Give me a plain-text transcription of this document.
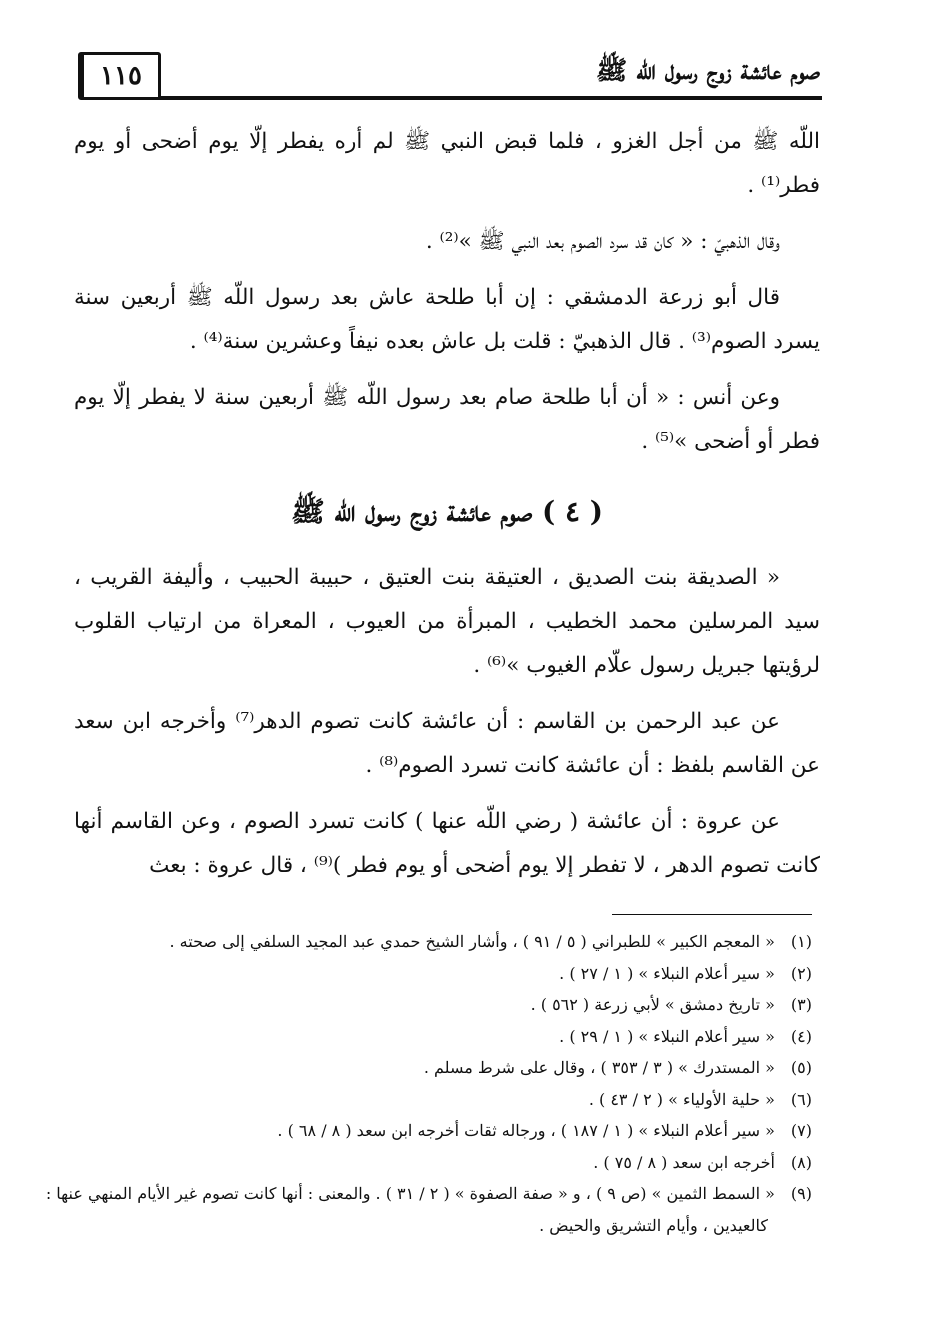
١١٥	صوم عائشة زوج رسول اللّه ﷺ

اللّه ﷺ من أجل الغزو ، فلما قبض النبي ﷺ لم أره يفطر إلّا يوم أضحى أو يوم فطر⁽¹⁾ .

وقال الذهبيّ : « كان قد سرد الصوم بعد النبي ﷺ »⁽²⁾ .

قال أبو زرعة الدمشقي : إن أبا طلحة عاش بعد رسول اللّه ﷺ أربعين سنة يسرد الصوم⁽³⁾ . قال الذهبيّ : قلت بل عاش بعده نيفاً وعشرين سنة⁽⁴⁾ .

وعن أنس : « أن أبا طلحة صام بعد رسول اللّه ﷺ أربعين سنة لا يفطر إلّا يوم فطر أو أضحى »⁽⁵⁾ .

( ٤ ) صوم عائشة زوج رسول اللّه ﷺ

« الصديقة بنت الصديق ، العتيقة بنت العتيق ، حبيبة الحبيب ، وأليفة القريب ، سيد المرسلين محمد الخطيب ، المبرأة من العيوب ، المعراة من ارتياب القلوب لرؤيتها جبريل رسول علّام الغيوب »⁽⁶⁾ .

عن عبد الرحمن بن القاسم : أن عائشة كانت تصوم الدهر⁽⁷⁾ وأخرجه ابن سعد عن القاسم بلفظ : أن عائشة كانت تسرد الصوم⁽⁸⁾ .

عن عروة : أن عائشة ( رضي اللّه عنها ) كانت تسرد الصوم ، وعن القاسم أنها كانت تصوم الدهر ، لا تفطر إلا يوم أضحى أو يوم فطر )⁽⁹⁾ ، قال عروة : بعث

(١) « المعجم الكبير » للطبراني ( ٥ / ٩١ ) ، وأشار الشيخ حمدي عبد المجيد السلفي إلى صحته .

(٢) « سير أعلام النبلاء » ( ١ / ٢٧ ) .

(٣) « تاريخ دمشق » لأبي زرعة ( ٥٦٢ ) .

(٤) « سير أعلام النبلاء » ( ١ / ٢٩ ) .

(٥) « المستدرك » ( ٣ / ٣٥٣ ) ، وقال على شرط مسلم .

(٦) « حلية الأولياء » ( ٢ / ٤٣ ) .

(٧) « سير أعلام النبلاء » ( ١ / ١٨٧ ) ، ورجاله ثقات أخرجه ابن سعد ( ٨ / ٦٨ ) .

(٨) أخرجه ابن سعد ( ٨ / ٧٥ ) .

(٩) « السمط الثمين » (ص ٩ ) ، و « صفة الصفوة » ( ٢ / ٣١ ) . والمعنى : أنها كانت تصوم غير الأيام المنهي عنها :

كالعيدين ، وأيام التشريق والحيض .
